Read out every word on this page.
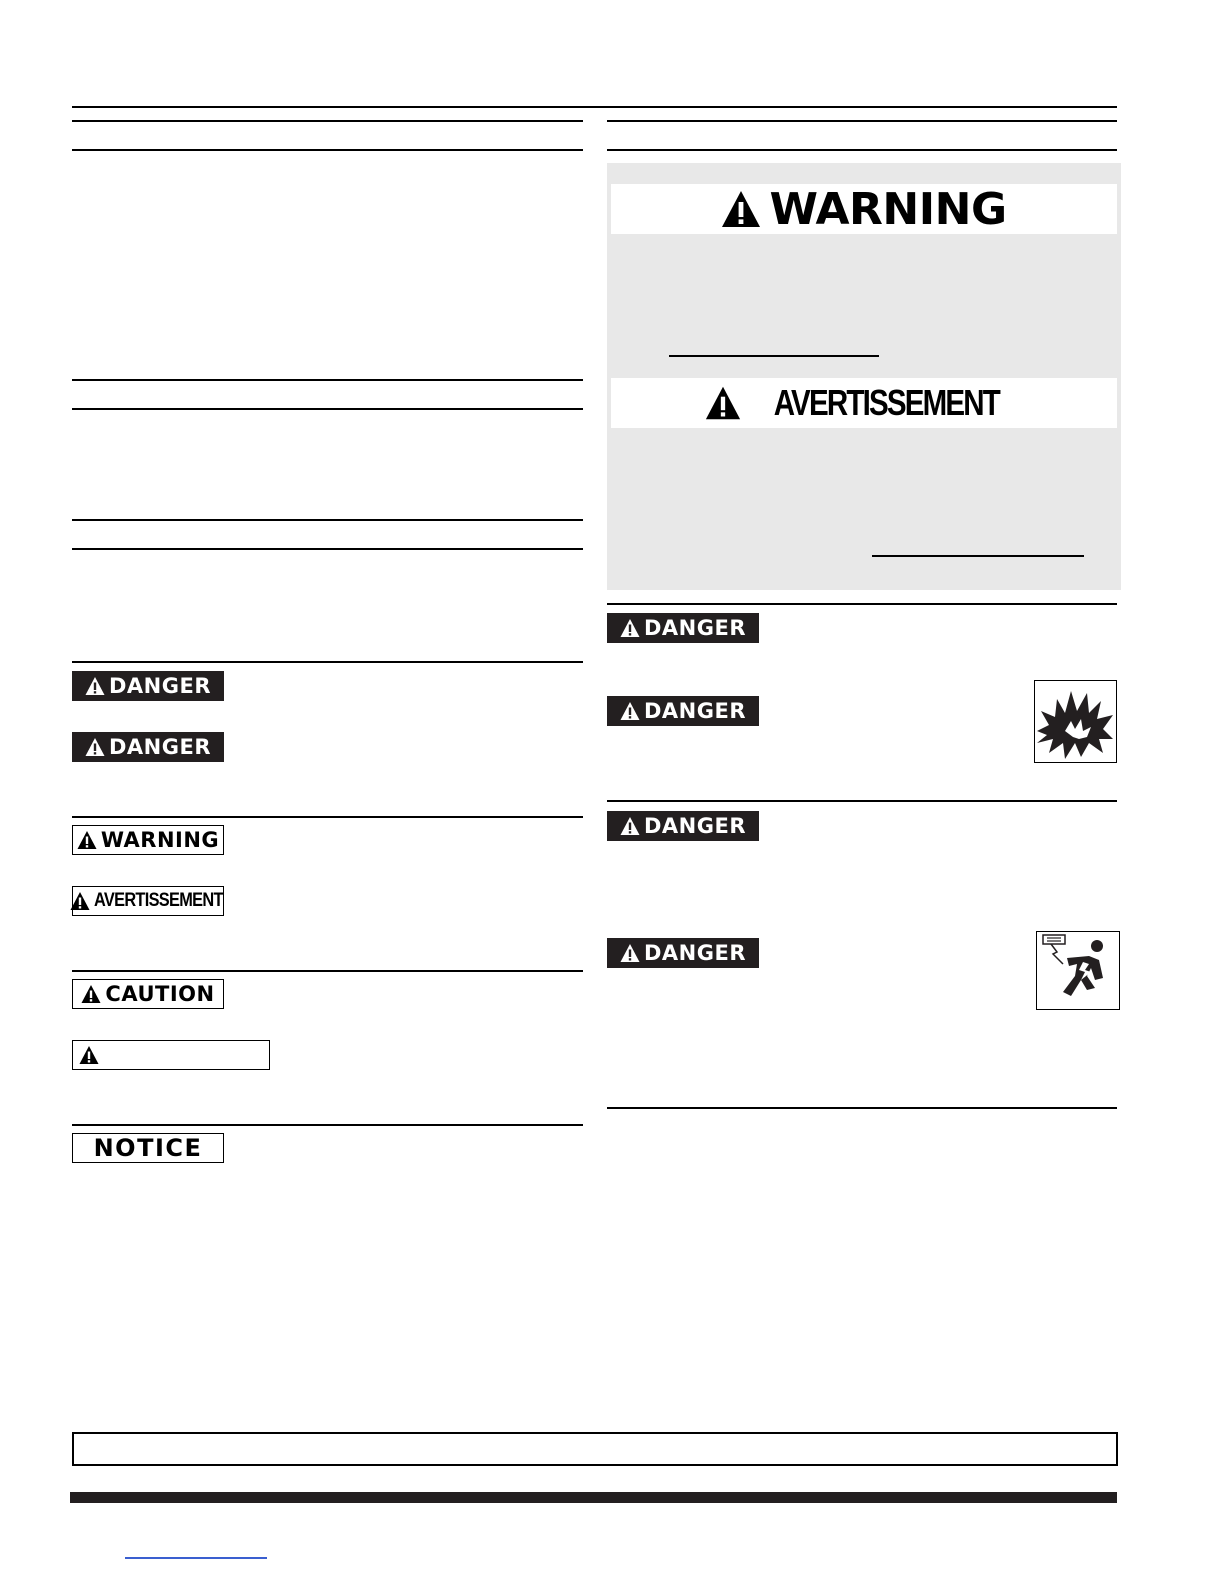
DANGER
DANGER
WARNING
AVERTISSEMENT
CAUTION
NOTICE
WARNING
AVERTISSEMENT
DANGER
DANGER
DANGER
DANGER
